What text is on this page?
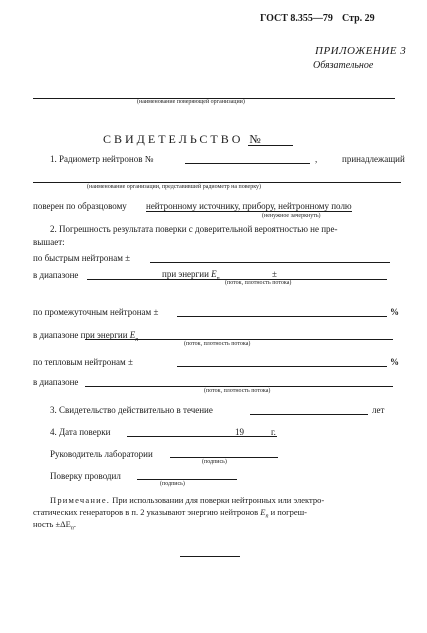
ГОСТ 8.355—79 Стр. 29
ПРИЛОЖЕНИЕ 3
Обязательное
(наименование поверяющей организации)
СВИДЕТЕЛЬСТВО №
1. Радиометр нейтронов №	,	принадлежащий
(наименование организации, представившей радиометр на поверку)
поверен по образцовому нейтронному источнику, прибору, нейтронному полю
(ненужное зачеркнуть)
2. Погрешность результата поверки с доверительной вероятностью не пре-
вышает:
по быстрым нейтронам ±
в диапазоне	при энергии $E_п$	±
(поток, плотность потока)
по промежуточным нейтронам ±	%
в диапазоне при энергии $E_п$
(поток, плотность потока)
по тепловым нейтронам ±	%
в диапазоне
(поток, плотность потока)
3. Свидетельство действительно в течение	лет
4. Дата поверки	19	г.
Руководитель лаборатории
(подпись)
Поверку проводил
(подпись)
Примечание. При использовании для поверки нейтронных или электро-
статических генераторов в п. 2 указывают энергию нейтронов $E_п$ и погреш-
ность $\pm\Delta E_п$.
